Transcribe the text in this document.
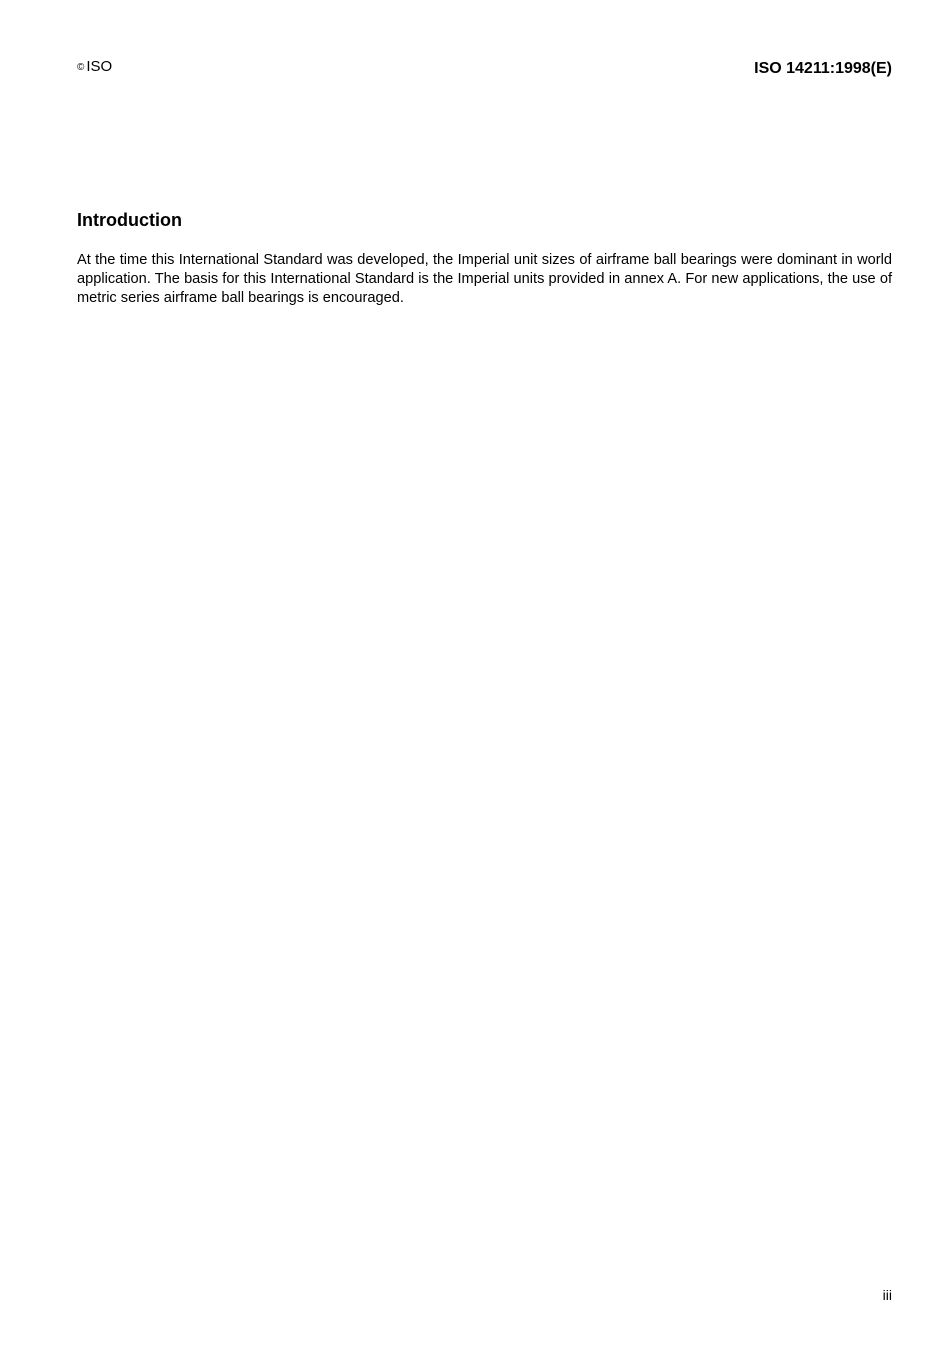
© ISO	ISO 14211:1998(E)
Introduction

At the time this International Standard was developed, the Imperial unit sizes of airframe ball bearings were dominant in world application. The basis for this International Standard is the Imperial units provided in annex A. For new applications, the use of metric series airframe ball bearings is encouraged.

iii
